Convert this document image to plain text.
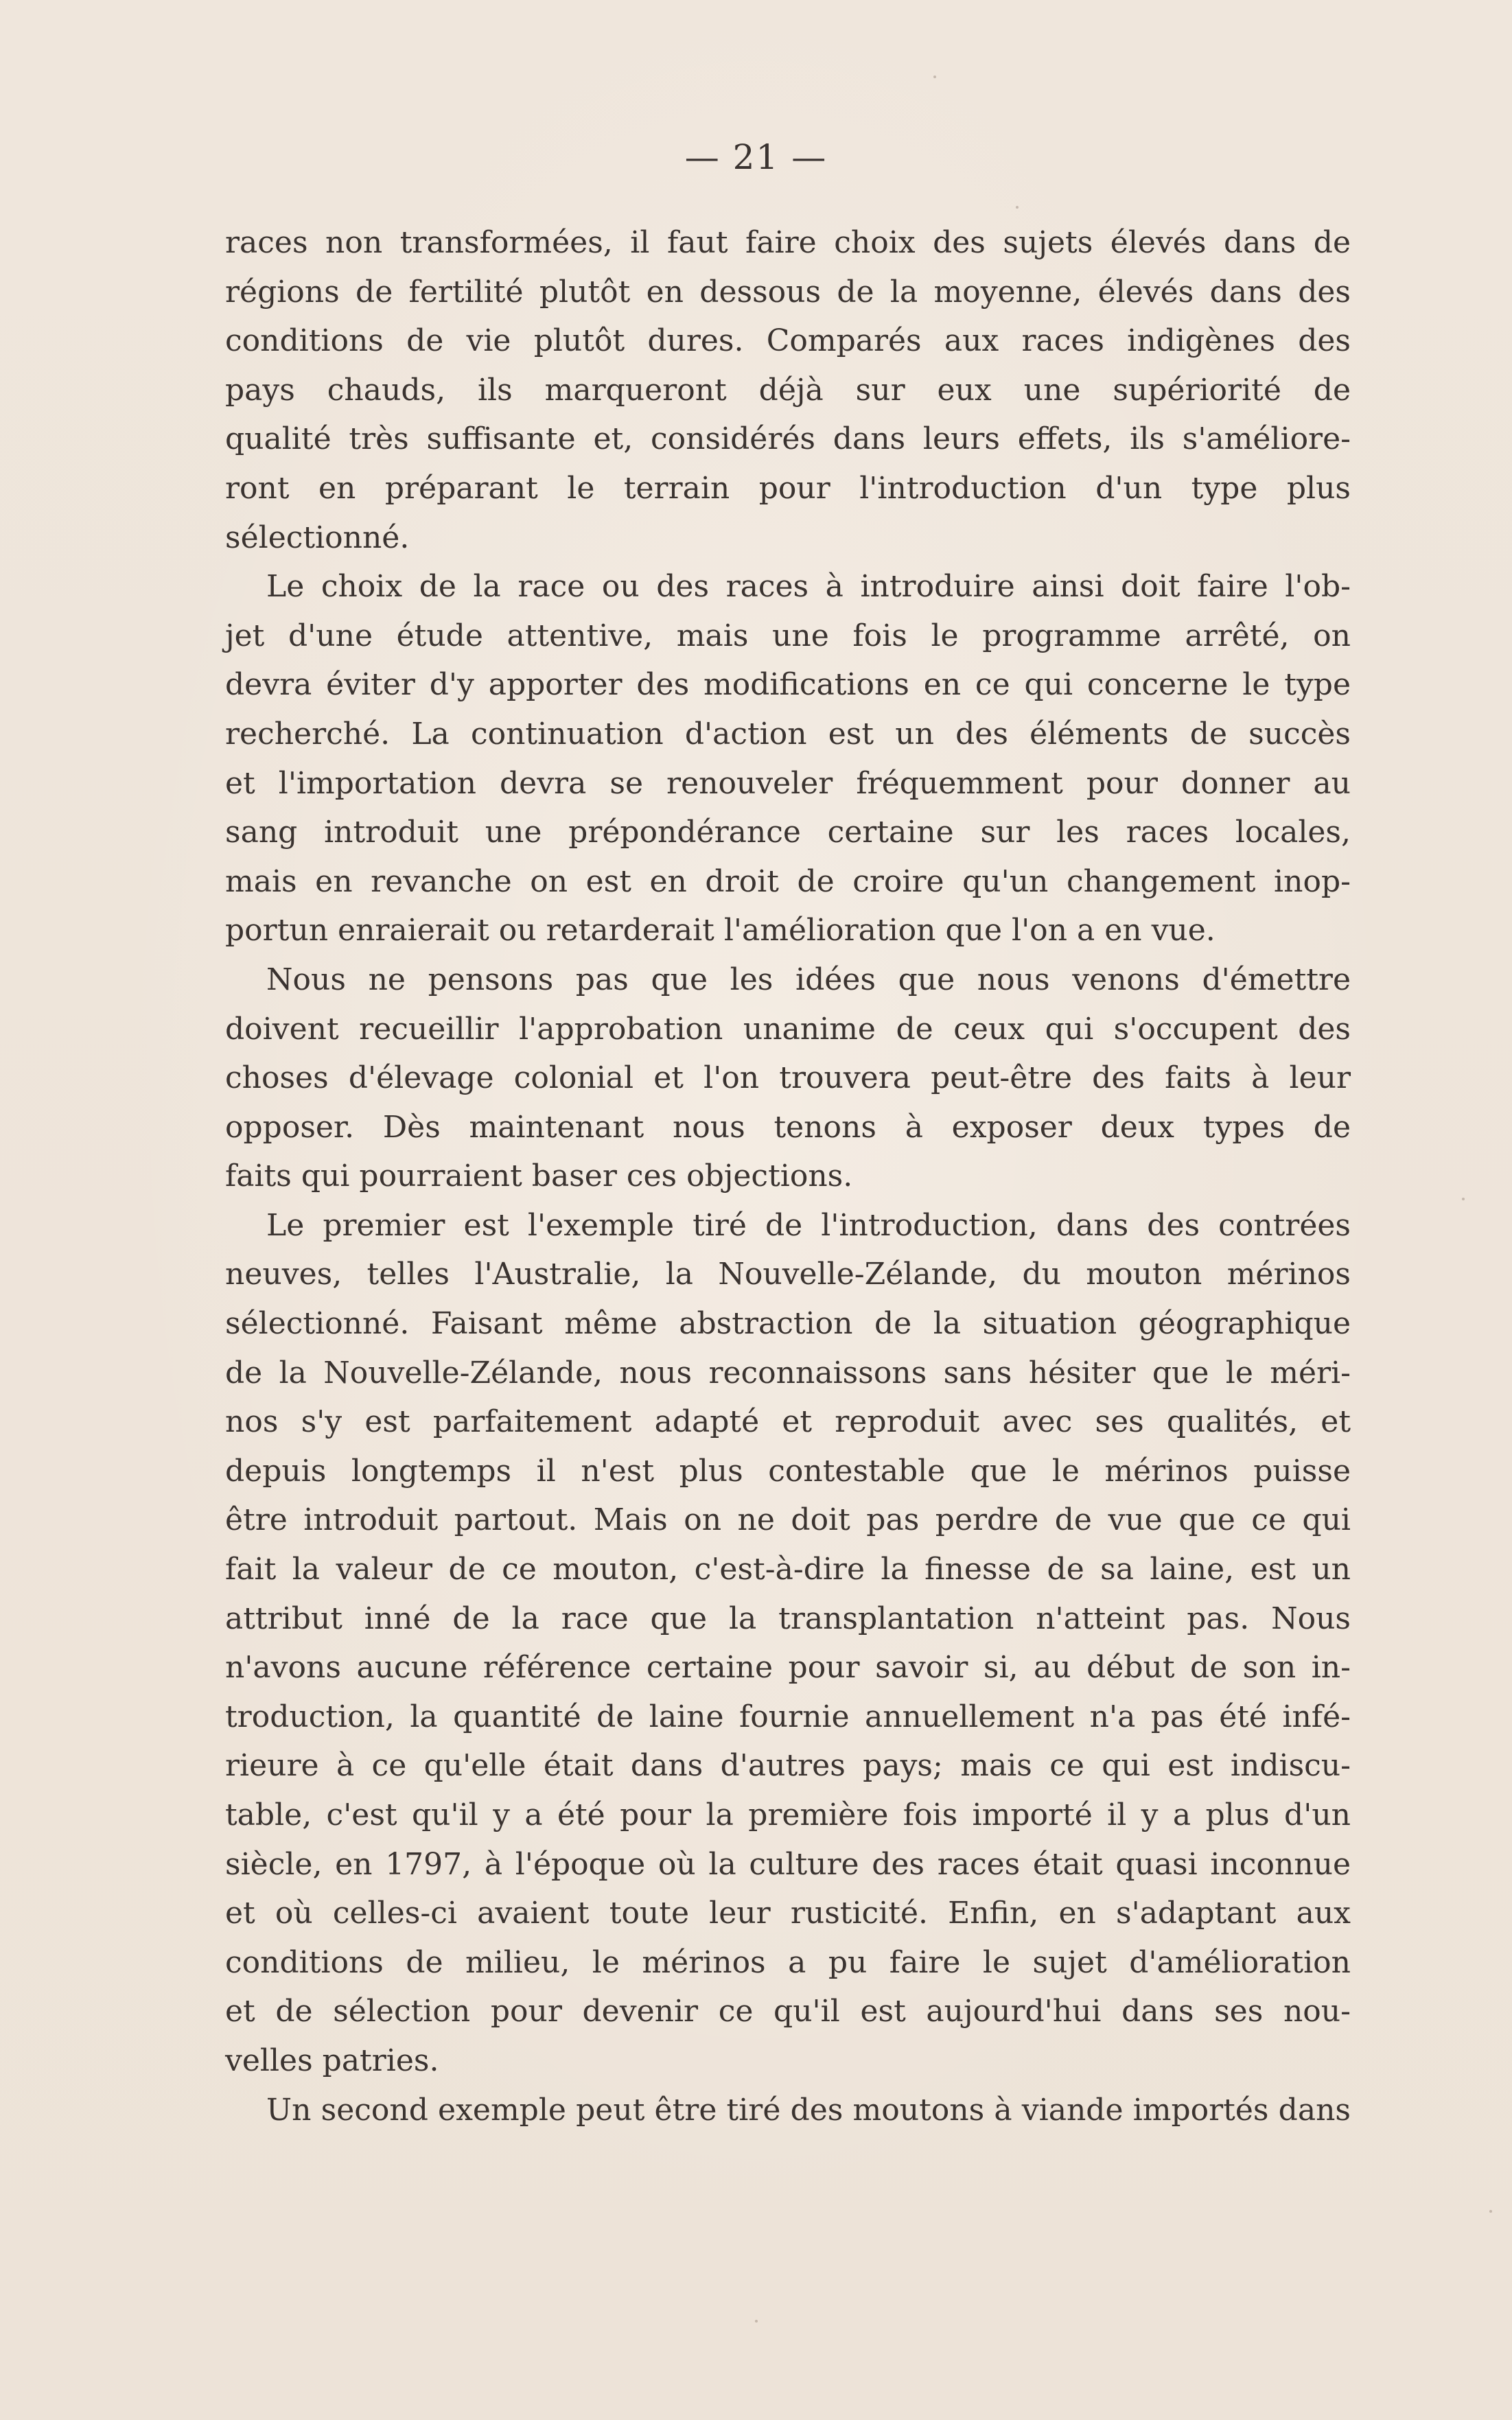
— 21 —
races non transformées, il faut faire choix des sujets élevés dans de
régions de fertilité plutôt en dessous de la moyenne, élevés dans des
conditions de vie plutôt dures. Comparés aux races indigènes des
pays chauds, ils marqueront déjà sur eux une supériorité de
qualité très suffisante et, considérés dans leurs effets, ils s'améliore-
ront en préparant le terrain pour l'introduction d'un type plus
sélectionné.
Le choix de la race ou des races à introduire ainsi doit faire l'ob-
jet d'une étude attentive, mais une fois le programme arrêté, on
devra éviter d'y apporter des modifications en ce qui concerne le type
recherché. La continuation d'action est un des éléments de succès
et l'importation devra se renouveler fréquemment pour donner au
sang introduit une prépondérance certaine sur les races locales,
mais en revanche on est en droit de croire qu'un changement inop-
portun enraierait ou retarderait l'amélioration que l'on a en vue.
Nous ne pensons pas que les idées que nous venons d'émettre
doivent recueillir l'approbation unanime de ceux qui s'occupent des
choses d'élevage colonial et l'on trouvera peut-être des faits à leur
opposer. Dès maintenant nous tenons à exposer deux types de
faits qui pourraient baser ces objections.
Le premier est l'exemple tiré de l'introduction, dans des contrées
neuves, telles l'Australie, la Nouvelle-Zélande, du mouton mérinos
sélectionné. Faisant même abstraction de la situation géographique
de la Nouvelle-Zélande, nous reconnaissons sans hésiter que le méri-
nos s'y est parfaitement adapté et reproduit avec ses qualités, et
depuis longtemps il n'est plus contestable que le mérinos puisse
être introduit partout. Mais on ne doit pas perdre de vue que ce qui
fait la valeur de ce mouton, c'est-à-dire la finesse de sa laine, est un
attribut inné de la race que la transplantation n'atteint pas. Nous
n'avons aucune référence certaine pour savoir si, au début de son in-
troduction, la quantité de laine fournie annuellement n'a pas été infé-
rieure à ce qu'elle était dans d'autres pays; mais ce qui est indiscu-
table, c'est qu'il y a été pour la première fois importé il y a plus d'un
siècle, en 1797, à l'époque où la culture des races était quasi inconnue
et où celles-ci avaient toute leur rusticité. Enfin, en s'adaptant aux
conditions de milieu, le mérinos a pu faire le sujet d'amélioration
et de sélection pour devenir ce qu'il est aujourd'hui dans ses nou-
velles patries.
Un second exemple peut être tiré des moutons à viande importés dans
